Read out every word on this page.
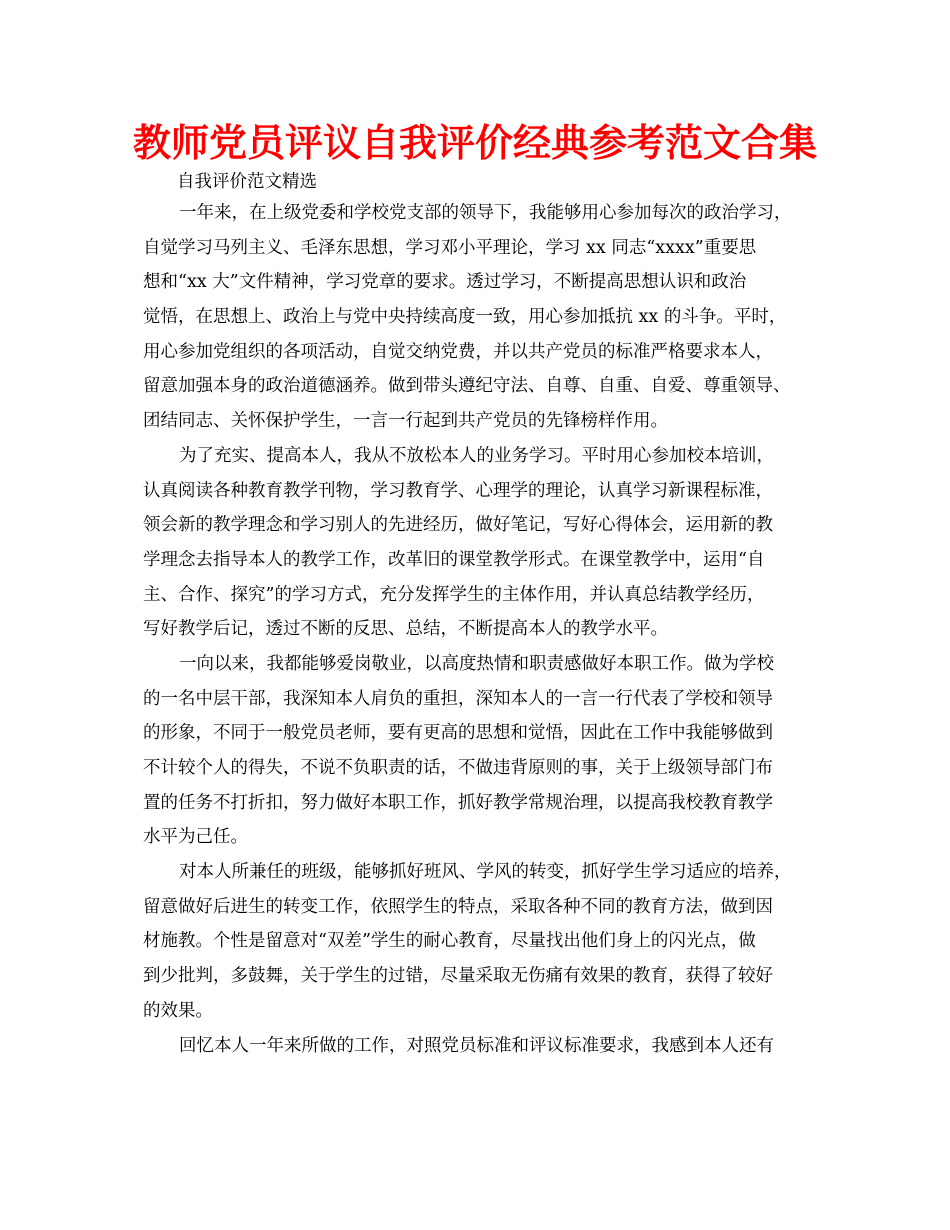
教师党员评议自我评价经典参考范文合集
自我评价范文精选
一年来，在上级党委和学校党支部的领导下，我能够用心参加每次的政治学习，
自觉学习马列主义、毛泽东思想，学习邓小平理论，学习 xx 同志“xxxx”重要思
想和“xx 大”文件精神，学习党章的要求。透过学习，不断提高思想认识和政治
觉悟，在思想上、政治上与党中央持续高度一致，用心参加抵抗 xx 的斗争。平时，
用心参加党组织的各项活动，自觉交纳党费，并以共产党员的标准严格要求本人，
留意加强本身的政治道德涵养。做到带头遵纪守法、自尊、自重、自爱、尊重领导、
团结同志、关怀保护学生，一言一行起到共产党员的先锋榜样作用。
为了充实、提高本人，我从不放松本人的业务学习。平时用心参加校本培训，
认真阅读各种教育教学刊物，学习教育学、心理学的理论，认真学习新课程标准，
领会新的教学理念和学习别人的先进经历，做好笔记，写好心得体会，运用新的教
学理念去指导本人的教学工作，改革旧的课堂教学形式。在课堂教学中，运用“自
主、合作、探究”的学习方式，充分发挥学生的主体作用，并认真总结教学经历，
写好教学后记，透过不断的反思、总结，不断提高本人的教学水平。
一向以来，我都能够爱岗敬业，以高度热情和职责感做好本职工作。做为学校
的一名中层干部，我深知本人肩负的重担，深知本人的一言一行代表了学校和领导
的形象，不同于一般党员老师，要有更高的思想和觉悟，因此在工作中我能够做到
不计较个人的得失，不说不负职责的话，不做违背原则的事，关于上级领导部门布
置的任务不打折扣，努力做好本职工作，抓好教学常规治理，以提高我校教育教学
水平为己任。
对本人所兼任的班级，能够抓好班风、学风的转变，抓好学生学习适应的培养，
留意做好后进生的转变工作，依照学生的特点，采取各种不同的教育方法，做到因
材施教。个性是留意对“双差”学生的耐心教育，尽量找出他们身上的闪光点，做
到少批判，多鼓舞，关于学生的过错，尽量采取无伤痛有效果的教育，获得了较好
的效果。
回忆本人一年来所做的工作，对照党员标准和评议标准要求，我感到本人还有
